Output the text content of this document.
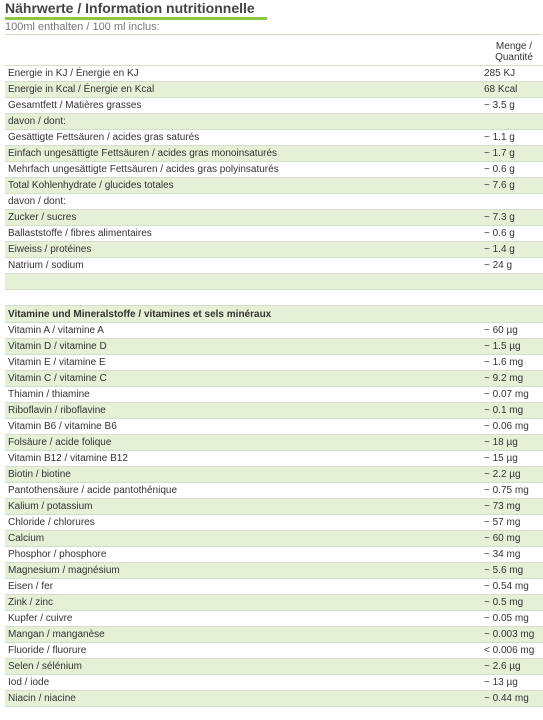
Nährwerte / Information nutritionnelle
100ml enthalten / 100 ml inclus:
	Menge /
Quantité
Energie in KJ / Énergie en KJ	285 KJ
Energie in Kcal / Énergie en Kcal	68 Kcal
Gesamtfett / Matières grasses	~ 3.5 g
davon / dont:	
Gesättigte Fettsäuren / acides gras saturés	~ 1.1 g
Einfach ungesättigte Fettsäuren / acides gras monoinsaturés	~ 1.7 g
Mehrfach ungesättigte Fettsäuren / acides gras polyinsaturés	~ 0.6 g
Total Kohlenhydrate / glucides totales	~ 7.6 g
davon / dont:	
Zucker / sucres	~ 7.3 g
Ballaststoffe / fibres alimentaires	~ 0.6 g
Eiweiss / protéines	~ 1.4 g
Natrium / sodium	~ 24 g

Vitamine und Mineralstoffe / vitamines et sels minéraux	
Vitamin A / vitamine A	~ 60 µg
Vitamin D / vitamine D	~ 1.5 µg
Vitamin E / vitamine E	~ 1.6 mg
Vitamin C / vitamine C	~ 9.2 mg
Thiamin / thiamine	~ 0.07 mg
Riboflavin / riboflavine	~ 0.1 mg
Vitamin B6 / vitamine B6	~ 0.06 mg
Folsäure / acide folique	~ 18 µg
Vitamin B12 / vitamine B12	~ 15 µg
Biotin / biotine	~ 2.2 µg
Pantothensäure / acide pantothénique	~ 0.75 mg
Kalium / potassium	~ 73 mg
Chloride / chlorures	~ 57 mg
Calcium	~ 60 mg
Phosphor / phosphore	~ 34 mg
Magnesium / magnésium	~ 5.6 mg
Eisen / fer	~ 0.54 mg
Zink / zinc	~ 0.5 mg
Kupfer / cuivre	~ 0.05 mg
Mangan / manganèse	~ 0.003 mg
Fluoride / fluorure	< 0.006 mg
Selen / sélénium	~ 2.6 µg
Iod / iode	~ 13 µg
Niacin / niacine	~ 0.44 mg
